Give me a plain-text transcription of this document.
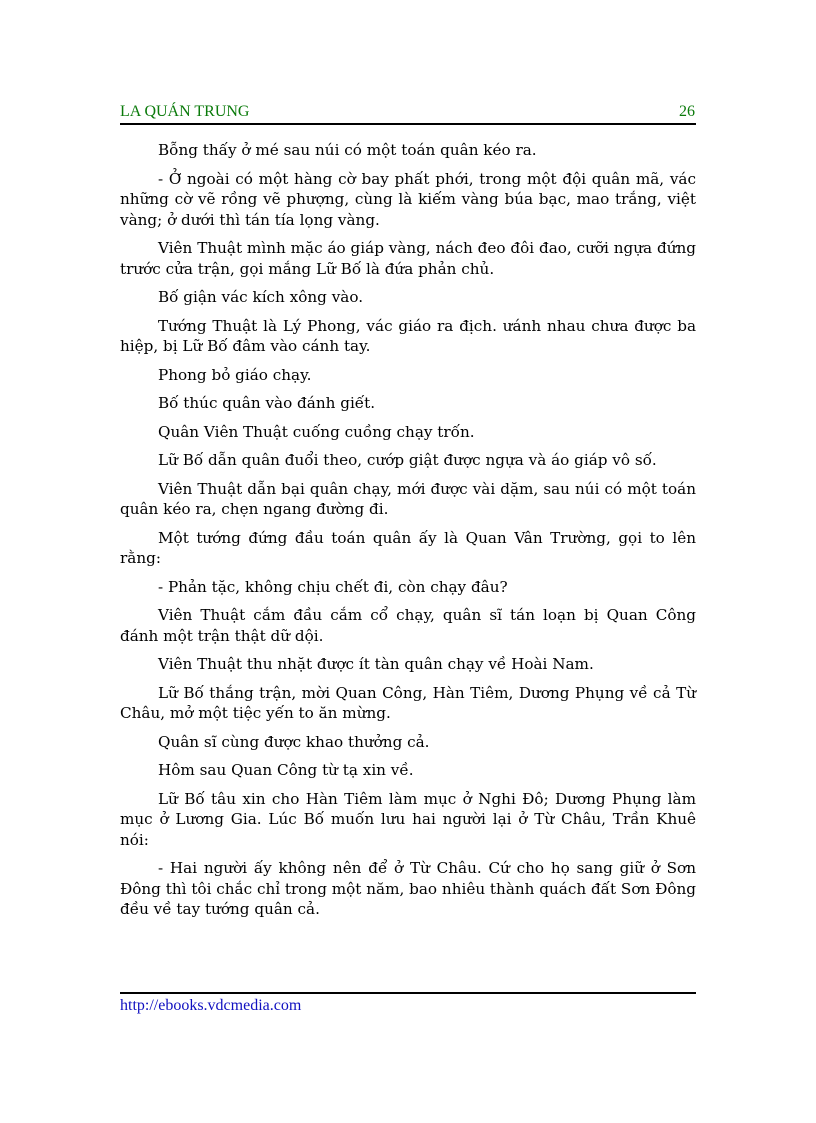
LA QUÁN TRUNG	26

Bỗng thấy ở mé sau núi có một toán quân kéo ra.

- Ở ngoài có một hàng cờ bay phất phới, trong một đội quân mã, vác những cờ vẽ rồng vẽ phượng, cùng là kiếm vàng búa bạc, mao trắng, việt vàng; ở dưới thì tán tía lọng vàng.

Viên Thuật mình mặc áo giáp vàng, nách đeo đôi đao, cưỡi ngựa đứng trước cửa trận, gọi mắng Lữ Bố là đứa phản chủ.

Bố giận vác kích xông vào.

Tướng Thuật là Lý Phong, vác giáo ra địch. ưánh nhau chưa được ba hiệp, bị Lữ Bố đâm vào cánh tay.

Phong bỏ giáo chạy.

Bố thúc quân vào đánh giết.

Quân Viên Thuật cuống cuồng chạy trốn.

Lữ Bố dẫn quân đuổi theo, cướp giật được ngựa và áo giáp vô số.

Viên Thuật dẫn bại quân chạy, mới được vài dặm, sau núi có một toán quân kéo ra, chẹn ngang đường đi.

Một tướng đứng đầu toán quân ấy là Quan Vân Trường, gọi to lên rằng:

- Phản tặc, không chịu chết đi, còn chạy đâu?

Viên Thuật cắm đầu cắm cổ chạy, quân sĩ tán loạn bị Quan Công đánh một trận thật dữ dội.

Viên Thuật thu nhặt được ít tàn quân chạy về Hoài Nam.

Lữ Bố thắng trận, mời Quan Công, Hàn Tiêm, Dương Phụng về cả Từ Châu, mở một tiệc yến to ăn mừng.

Quân sĩ cùng được khao thưởng cả.

Hôm sau Quan Công từ tạ xin về.

Lữ Bố tâu xin cho Hàn Tiêm làm mục ở Nghi Đô; Dương Phụng làm mục ở Lương Gia. Lúc Bố muốn lưu hai người lại ở Từ Châu, Trần Khuê nói:

- Hai người ấy không nên để ở Từ Châu. Cứ cho họ sang giữ ở Sơn Đông thì tôi chắc chỉ trong một năm, bao nhiêu thành quách đất Sơn Đông đều về tay tướng quân cả.

http://ebooks.vdcmedia.com
